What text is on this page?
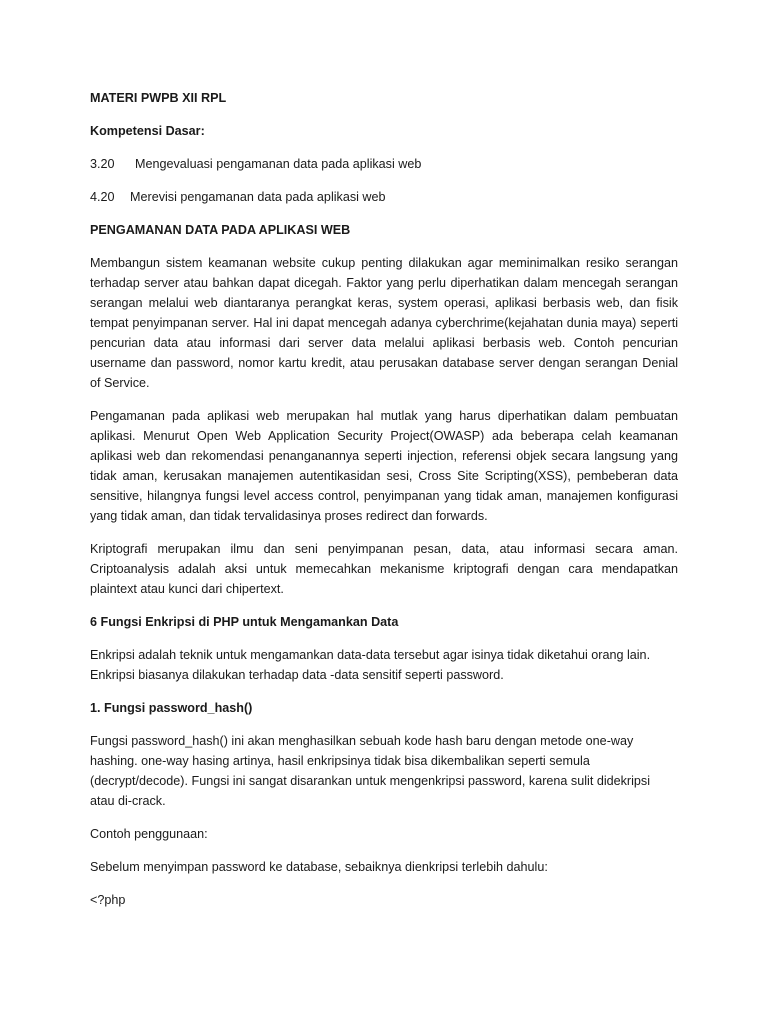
MATERI PWPB XII RPL
Kompetensi Dasar:
3.20	Mengevaluasi pengamanan data pada aplikasi web
4.20	Merevisi pengamanan data pada aplikasi web
PENGAMANAN DATA PADA APLIKASI WEB
Membangun sistem keamanan website cukup penting dilakukan agar meminimalkan resiko serangan terhadap server atau bahkan dapat dicegah. Faktor yang perlu diperhatikan dalam mencegah serangan serangan melalui web diantaranya perangkat keras, system operasi, aplikasi berbasis web, dan fisik tempat penyimpanan server. Hal ini dapat mencegah adanya cyberchrime(kejahatan dunia maya) seperti pencurian data atau informasi dari server data melalui aplikasi berbasis web. Contoh pencurian username dan password, nomor kartu kredit, atau perusakan database server dengan serangan Denial of Service.
Pengamanan pada aplikasi web merupakan hal mutlak yang harus diperhatikan dalam pembuatan aplikasi. Menurut Open Web Application Security Project(OWASP) ada beberapa celah keamanan aplikasi web dan rekomendasi penanganannya seperti injection, referensi objek secara langsung yang tidak aman, kerusakan manajemen autentikasidan sesi, Cross Site Scripting(XSS), pembeberan data sensitive, hilangnya fungsi level access control, penyimpanan yang tidak aman, manajemen konfigurasi yang tidak aman, dan tidak tervalidasinya proses redirect dan forwards.
Kriptografi merupakan ilmu dan seni penyimpanan pesan, data, atau informasi secara aman. Criptoanalysis adalah aksi untuk memecahkan mekanisme kriptografi dengan cara mendapatkan plaintext atau kunci dari chipertext.
6 Fungsi Enkripsi di PHP untuk Mengamankan Data
Enkripsi adalah teknik untuk mengamankan data-data tersebut agar isinya tidak diketahui orang lain.
Enkripsi biasanya dilakukan terhadap data -data sensitif seperti password.
1. Fungsi password_hash()
Fungsi password_hash() ini akan menghasilkan sebuah kode hash baru dengan metode one-way hashing. one-way hasing artinya, hasil enkripsinya tidak bisa dikembalikan seperti semula (decrypt/decode). Fungsi ini sangat disarankan untuk mengenkripsi password, karena sulit didekripsi atau di-crack.
Contoh penggunaan:
Sebelum menyimpan password ke database, sebaiknya dienkripsi terlebih dahulu:
<?php
